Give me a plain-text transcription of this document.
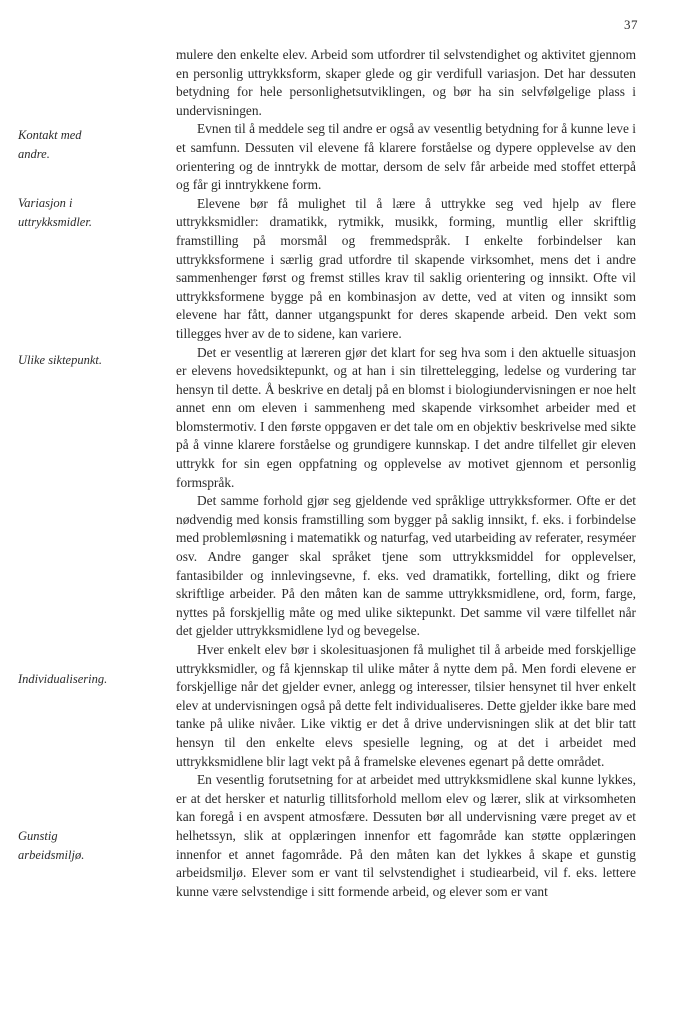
37
Kontakt med
andre.
Variasjon i
uttrykksmidler.
Ulike siktepunkt.
Individualisering.
Gunstig
arbeidsmiljø.

mulere den enkelte elev. Arbeid som utfordrer til selvstendighet og aktivitet gjennom en personlig uttrykksform, skaper glede og gir verdifull variasjon. Det har dessuten betydning for hele personlighetsutviklingen, og bør ha sin selvfølgelige plass i undervisningen.

Evnen til å meddele seg til andre er også av vesentlig betydning for å kunne leve i et samfunn. Dessuten vil elevene få klarere forståelse og dypere opplevelse av den orientering og de inntrykk de mottar, dersom de selv får arbeide med stoffet etterpå og får gi inntrykkene form.

Elevene bør få mulighet til å lære å uttrykke seg ved hjelp av flere uttrykksmidler: dramatikk, rytmikk, musikk, forming, muntlig eller skriftlig framstilling på morsmål og fremmedspråk. I enkelte forbindelser kan uttrykksformene i særlig grad utfordre til skapende virksomhet, mens det i andre sammenhenger først og fremst stilles krav til saklig orientering og innsikt. Ofte vil uttrykksformene bygge på en kombinasjon av dette, ved at viten og innsikt som elevene har fått, danner utgangspunkt for deres skapende arbeid. Den vekt som tillegges hver av de to sidene, kan variere.

Det er vesentlig at læreren gjør det klart for seg hva som i den aktuelle situasjon er elevens hovedsiktepunkt, og at han i sin tilrettelegging, ledelse og vurdering tar hensyn til dette. Å beskrive en detalj på en blomst i biologiundervisningen er noe helt annet enn om eleven i sammenheng med skapende virksomhet arbeider med et blomstermotiv. I den første oppgaven er det tale om en objektiv beskrivelse med sikte på å vinne klarere forståelse og grundigere kunnskap. I det andre tilfellet gir eleven uttrykk for sin egen oppfatning og opplevelse av motivet gjennom et personlig formspråk.

Det samme forhold gjør seg gjeldende ved språklige uttrykksformer. Ofte er det nødvendig med konsis framstilling som bygger på saklig innsikt, f. eks. i forbindelse med problemløsning i matematikk og naturfag, ved utarbeiding av referater, resyméer osv. Andre ganger skal språket tjene som uttrykksmiddel for opplevelser, fantasibilder og innlevingsevne, f. eks. ved dramatikk, fortelling, dikt og friere skriftlige arbeider. På den måten kan de samme uttrykksmidlene, ord, form, farge, nyttes på forskjellig måte og med ulike siktepunkt. Det samme vil være tilfellet når det gjelder uttrykksmidlene lyd og bevegelse.

Hver enkelt elev bør i skolesituasjonen få mulighet til å arbeide med forskjellige uttrykksmidler, og få kjennskap til ulike måter å nytte dem på. Men fordi elevene er forskjellige når det gjelder evner, anlegg og interesser, tilsier hensynet til hver enkelt elev at undervisningen også på dette felt individualiseres. Dette gjelder ikke bare med tanke på ulike nivåer. Like viktig er det å drive undervisningen slik at det blir tatt hensyn til den enkelte elevs spesielle legning, og at det i arbeidet med uttrykksmidlene blir lagt vekt på å framelske elevenes egenart på dette området.

En vesentlig forutsetning for at arbeidet med uttrykksmidlene skal kunne lykkes, er at det hersker et naturlig tillitsforhold mellom elev og lærer, slik at virksomheten kan foregå i en avspent atmosfære. Dessuten bør all undervisning være preget av et helhetssyn, slik at opplæringen innenfor ett fagområde kan støtte opplæringen innenfor et annet fagområde. På den måten kan det lykkes å skape et gunstig arbeidsmiljø. Elever som er vant til selvstendighet i studiearbeid, vil f. eks. lettere kunne være selvstendige i sitt formende arbeid, og elever som er vant
